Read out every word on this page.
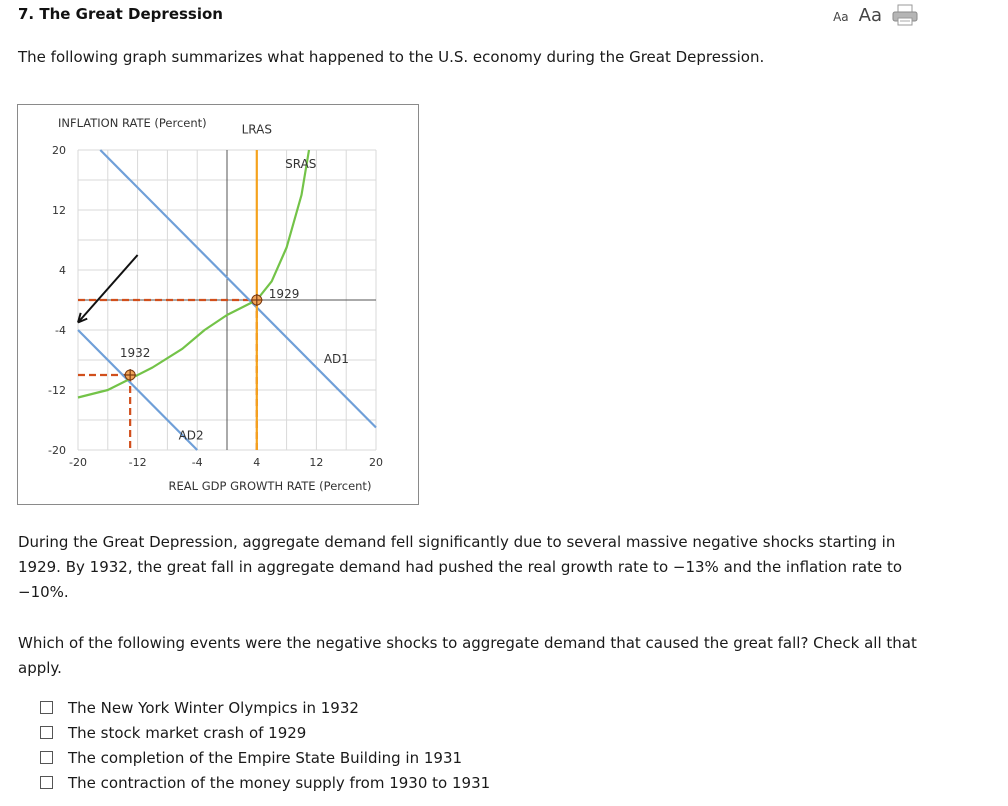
7. The Great Depression	Aa Aa
The following graph summarizes what happened to the U.S. economy during the Great Depression.
-20	-12	-4	4	12	20
20
12
4
-4
-12
-20
INFLATION RATE (Percent)
REAL GDP GROWTH RATE (Percent)
AD1
AD2
LRAS
SRAS
1929
1932
During the Great Depression, aggregate demand fell significantly due to several massive negative shocks starting in 1929. By 1932, the great fall in aggregate demand had pushed the real growth rate to −13% and the inflation rate to −10%.
Which of the following events were the negative shocks to aggregate demand that caused the great fall? Check all that apply.
The New York Winter Olympics in 1932
The stock market crash of 1929
The completion of the Empire State Building in 1931
The contraction of the money supply from 1930 to 1931
